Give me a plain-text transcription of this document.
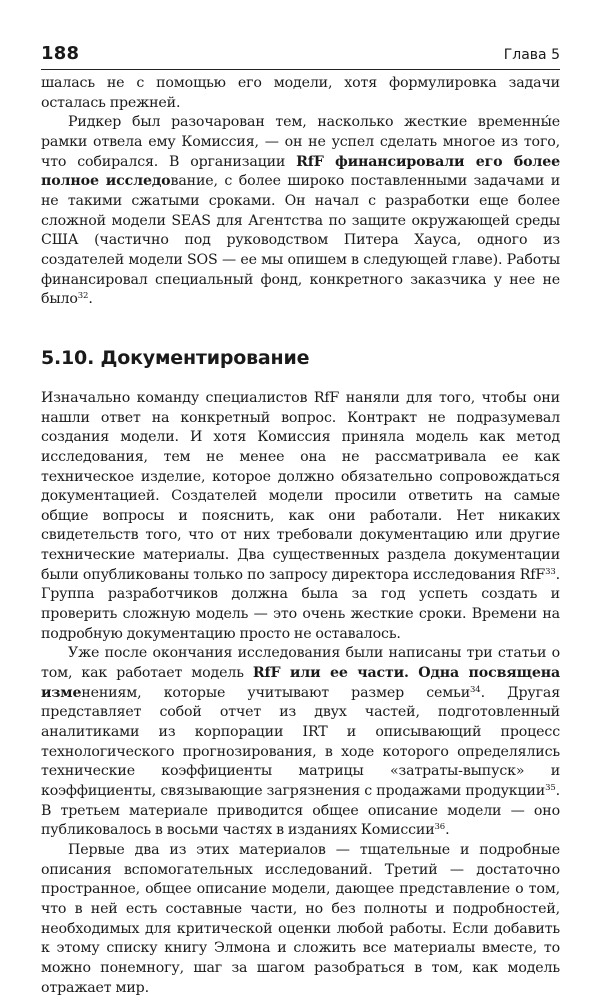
188	Глава 5

шалась не с помощью его модели, хотя формулировка задачи осталась прежней.

Ридкер был разочарован тем, насколько жесткие временны́е рамки отвела ему Комиссия, — он не успел сделать многое из того, что собирался. В организации RfF финансировали его более полное исследование, с более широко поставленными задачами и не такими сжатыми сроками. Он начал с разработки еще более сложной модели SEAS для Агентства по защите окружающей среды США (частично под руководством Питера Хауса, одного из создателей модели SOS — ее мы опишем в следующей главе). Работы финансировал специальный фонд, конкретного заказчика у нее не было$^{32}$.

5.10. Документирование

Изначально команду специалистов RfF наняли для того, чтобы они нашли ответ на конкретный вопрос. Контракт не подразумевал создания модели. И хотя Комиссия приняла модель как метод исследования, тем не менее она не рассматривала ее как техническое изделие, которое должно обязательно сопровождаться документацией. Создателей модели просили ответить на самые общие вопросы и пояснить, как они работали. Нет никаких свидетельств того, что от них требовали документацию или другие технические материалы. Два существенных раздела документации были опубликованы только по запросу директора исследования RfF$^{33}$. Группа разработчиков должна была за год успеть создать и проверить сложную модель — это очень жесткие сроки. Времени на подробную документацию просто не оставалось.

Уже после окончания исследования были написаны три статьи о том, как работает модель RfF или ее части. Одна посвящена изменениям, которые учитывают размер семьи$^{34}$. Другая представляет собой отчет из двух частей, подготовленный аналитиками из корпорации IRT и описывающий процесс технологического прогнозирования, в ходе которого определялись технические коэффициенты матрицы «затраты-выпуск» и коэффициенты, связывающие загрязнения с продажами продукции$^{35}$. В третьем материале приводится общее описание модели — оно публиковалось в восьми частях в изданиях Комиссии$^{36}$.

Первые два из этих материалов — тщательные и подробные описания вспомогательных исследований. Третий — достаточно пространное, общее описание модели, дающее представление о том, что в ней есть составные части, но без полноты и подробностей, необходимых для критической оценки любой работы. Если добавить к этому списку книгу Элмона и сложить все материалы вместе, то можно понемногу, шаг за шагом разобраться в том, как модель отражает мир.
